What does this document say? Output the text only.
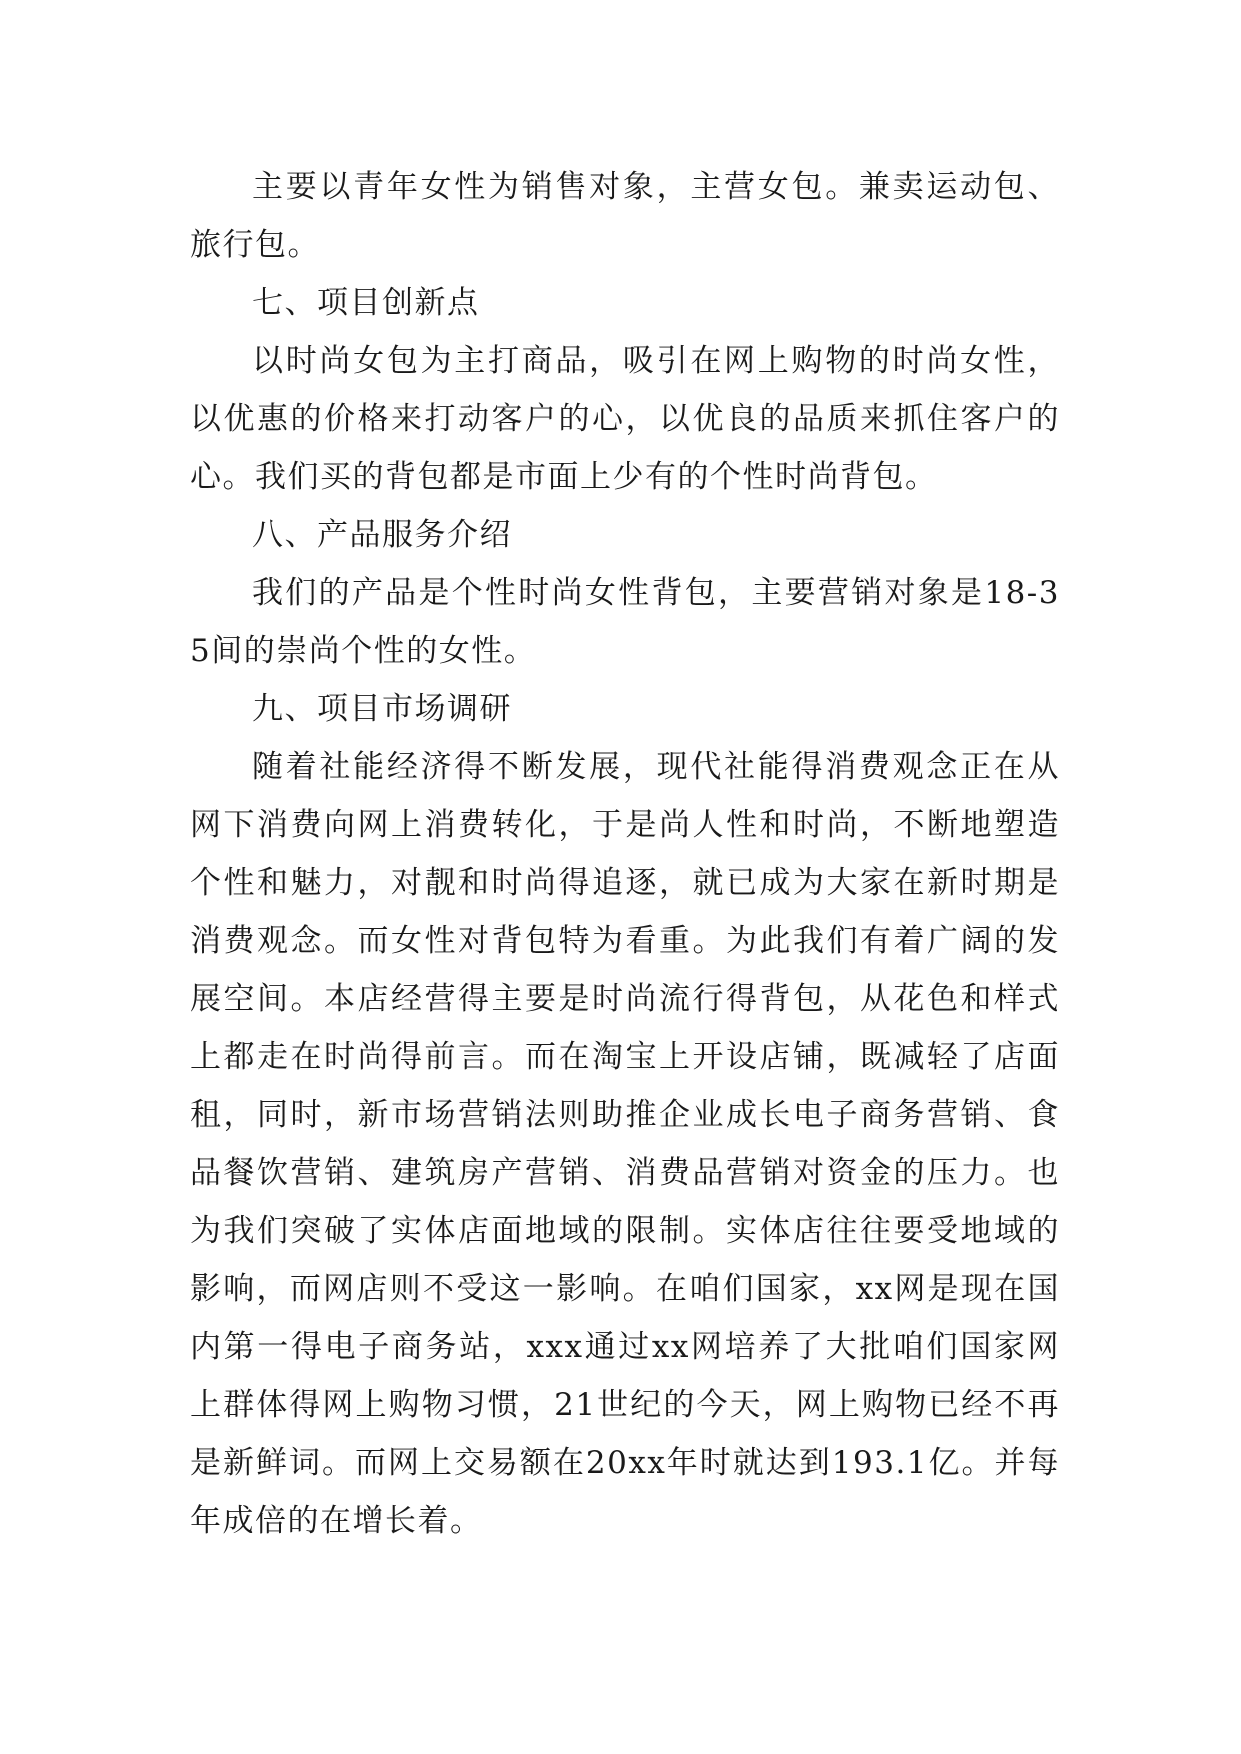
主要以青年女性为销售对象，主营女包。兼卖运动包、旅行包。

七、项目创新点

以时尚女包为主打商品，吸引在网上购物的时尚女性，以优惠的价格来打动客户的心，以优良的品质来抓住客户的心。我们买的背包都是市面上少有的个性时尚背包。

八、产品服务介绍

我们的产品是个性时尚女性背包，主要营销对象是18-35间的崇尚个性的女性。

九、项目市场调研

随着社能经济得不断发展，现代社能得消费观念正在从网下消费向网上消费转化，于是尚人性和时尚，不断地塑造个性和魅力，对靓和时尚得追逐，就已成为大家在新时期是消费观念。而女性对背包特为看重。为此我们有着广阔的发展空间。本店经营得主要是时尚流行得背包，从花色和样式上都走在时尚得前言。而在淘宝上开设店铺，既减轻了店面租，同时，新市场营销法则助推企业成长电子商务营销、食品餐饮营销、建筑房产营销、消费品营销对资金的压力。也为我们突破了实体店面地域的限制。实体店往往要受地域的影响，而网店则不受这一影响。在咱们国家，xx网是现在国内第一得电子商务站，xxx通过xx网培养了大批咱们国家网上群体得网上购物习惯，21世纪的今天，网上购物已经不再是新鲜词。而网上交易额在20xx年时就达到193.1亿。并每年成倍的在增长着。
